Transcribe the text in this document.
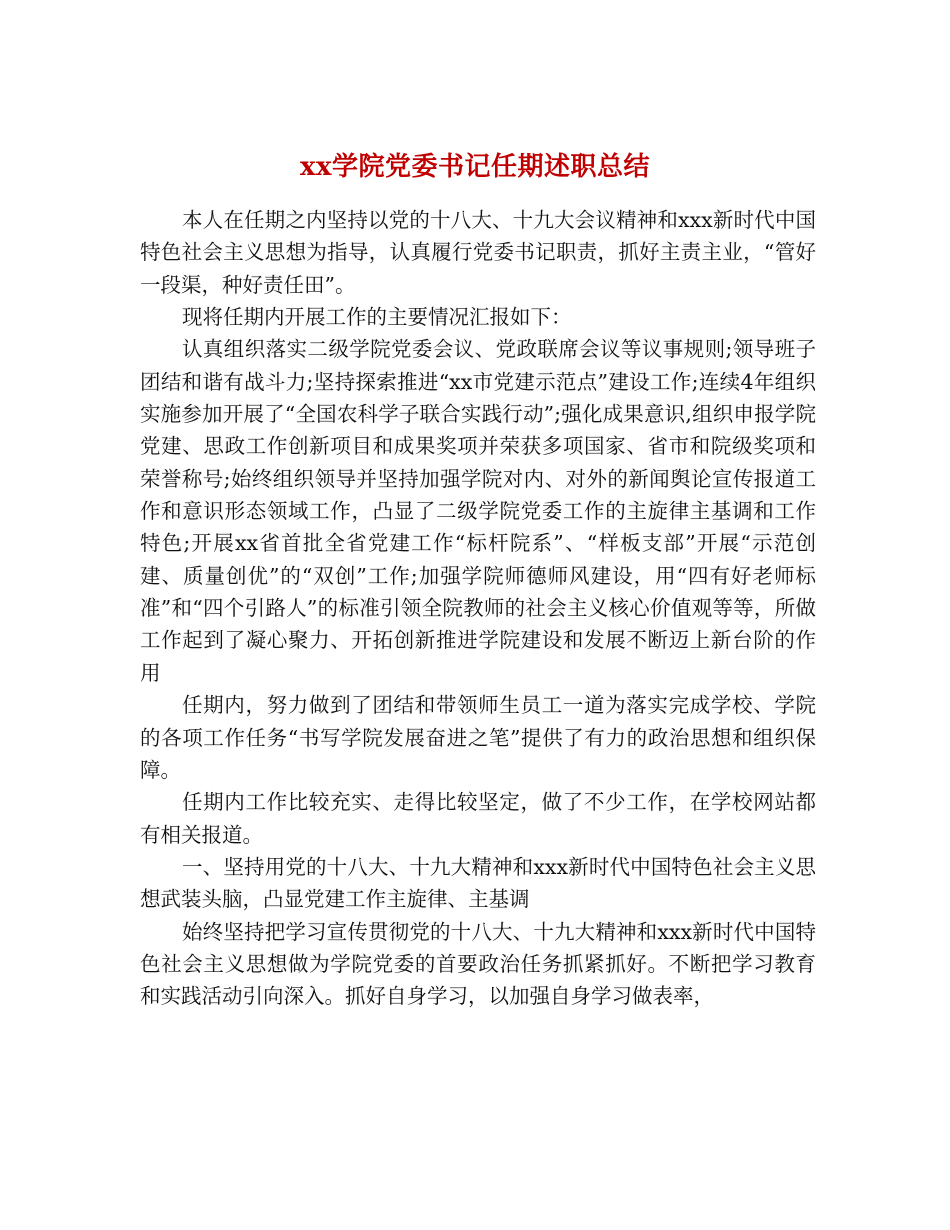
xx学院党委书记任期述职总结

本人在任期之内坚持以党的十八大、十九大会议精神和xxx新时代中国特色社会主义思想为指导，认真履行党委书记职责，抓好主责主业，“管好一段渠，种好责任田”。

现将任期内开展工作的主要情况汇报如下：

认真组织落实二级学院党委会议、党政联席会议等议事规则;领导班子团结和谐有战斗力;坚持探索推进“xx市党建示范点”建设工作;连续4年组织实施参加开展了“全国农科学子联合实践行动”;强化成果意识,组织申报学院党建、思政工作创新项目和成果奖项并荣获多项国家、省市和院级奖项和荣誉称号;始终组织领导并坚持加强学院对内、对外的新闻舆论宣传报道工作和意识形态领域工作，凸显了二级学院党委工作的主旋律主基调和工作特色;开展xx省首批全省党建工作“标杆院系”、“样板支部”开展“示范创建、质量创优”的“双创”工作;加强学院师德师风建设，用“四有好老师标准”和“四个引路人”的标准引领全院教师的社会主义核心价值观等等，所做工作起到了凝心聚力、开拓创新推进学院建设和发展不断迈上新台阶的作用

任期内，努力做到了团结和带领师生员工一道为落实完成学校、学院的各项工作任务“书写学院发展奋进之笔”提供了有力的政治思想和组织保障。

任期内工作比较充实、走得比较坚定，做了不少工作，在学校网站都有相关报道。

一、坚持用党的十八大、十九大精神和xxx新时代中国特色社会主义思想武装头脑，凸显党建工作主旋律、主基调

始终坚持把学习宣传贯彻党的十八大、十九大精神和xxx新时代中国特色社会主义思想做为学院党委的首要政治任务抓紧抓好。不断把学习教育和实践活动引向深入。抓好自身学习，以加强自身学习做表率，
